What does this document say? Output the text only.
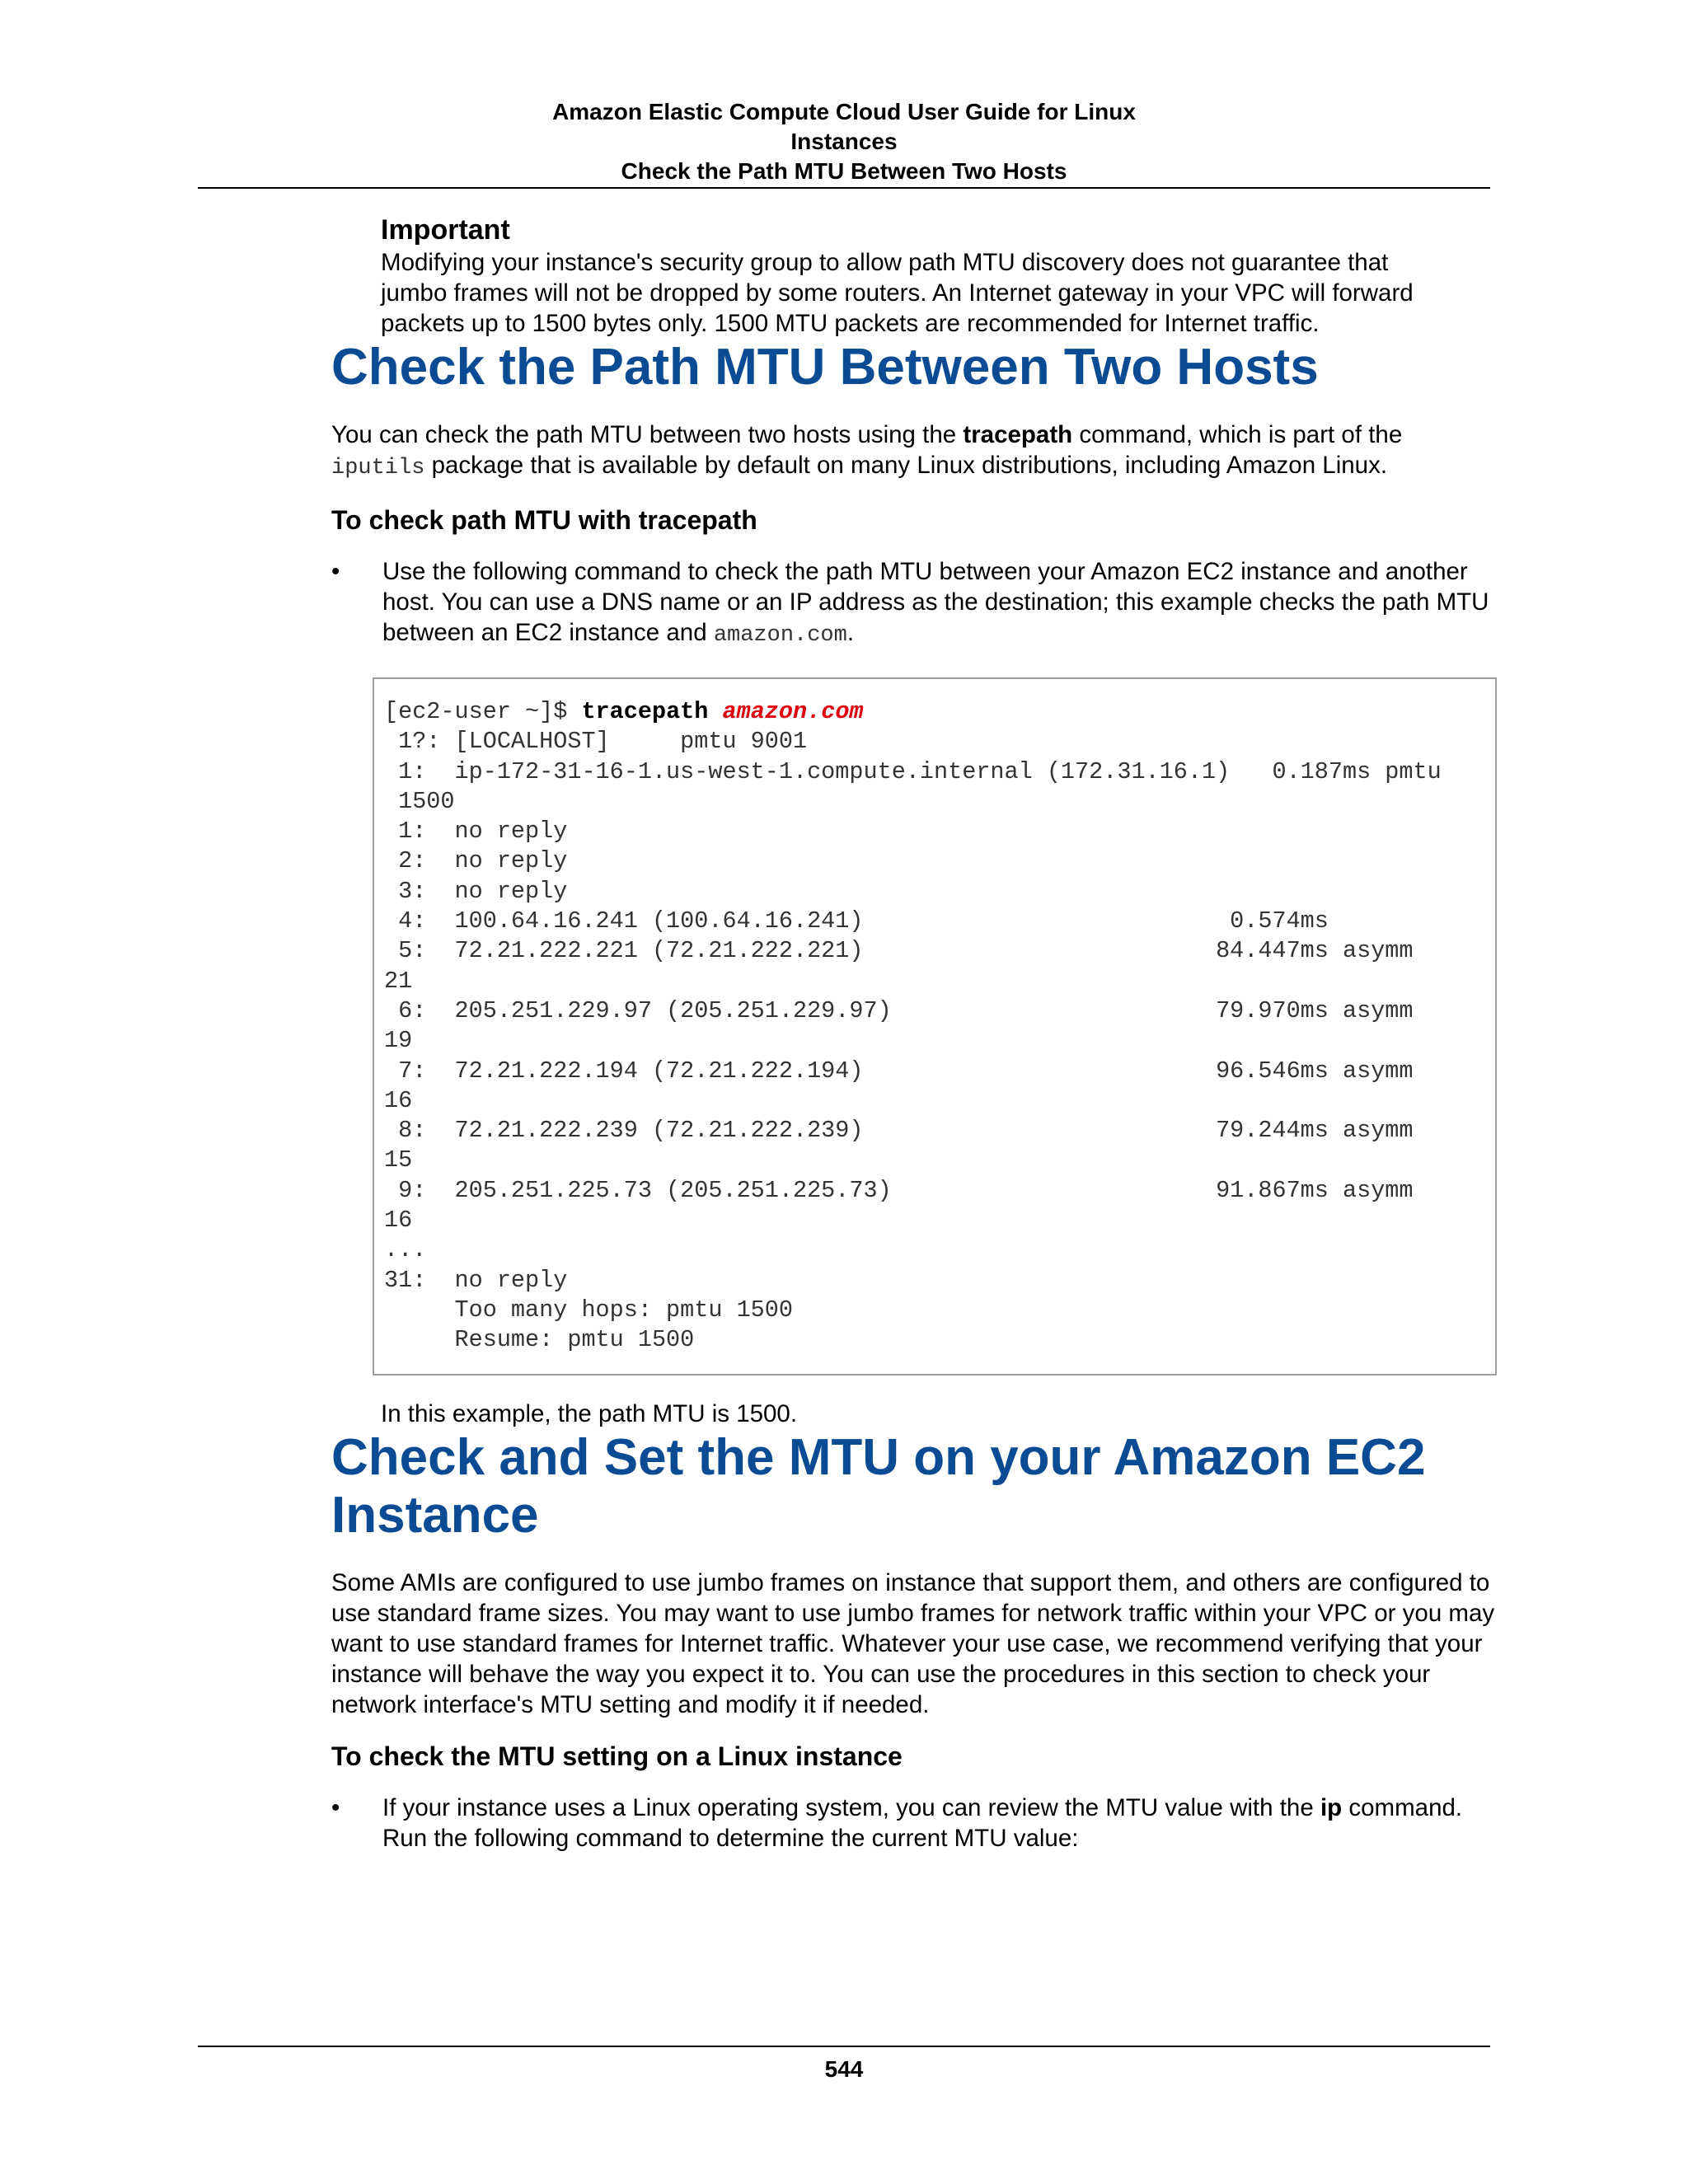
Amazon Elastic Compute Cloud User Guide for Linux
Instances
Check the Path MTU Between Two Hosts
Important

Modifying your instance's security group to allow path MTU discovery does not guarantee that jumbo frames will not be dropped by some routers. An Internet gateway in your VPC will forward packets up to 1500 bytes only. 1500 MTU packets are recommended for Internet traffic.

Check the Path MTU Between Two Hosts

You can check the path MTU between two hosts using the tracepath command, which is part of the iputils package that is available by default on many Linux distributions, including Amazon Linux.

To check path MTU with tracepath
•	Use the following command to check the path MTU between your Amazon EC2 instance and another host. You can use a DNS name or an IP address as the destination; this example checks the path MTU between an EC2 instance and amazon.com.

[ec2-user ~]$ tracepath amazon.com
1?: [LOCALHOST]     pmtu 9001
1:  ip-172-31-16-1.us-west-1.compute.internal (172.31.16.1)   0.187ms pmtu
1500
1:  no reply
2:  no reply
3:  no reply
4:  100.64.16.241 (100.64.16.241)                          0.574ms
5:  72.21.222.221 (72.21.222.221)                         84.447ms asymm
21
6:  205.251.229.97 (205.251.229.97)                       79.970ms asymm
19
7:  72.21.222.194 (72.21.222.194)                         96.546ms asymm
16
8:  72.21.222.239 (72.21.222.239)                         79.244ms asymm
15
9:  205.251.225.73 (205.251.225.73)                       91.867ms asymm
16
...
31:  no reply
Too many hops: pmtu 1500
Resume: pmtu 1500

In this example, the path MTU is 1500.

Check and Set the MTU on your Amazon EC2 Instance

Some AMIs are configured to use jumbo frames on instance that support them, and others are configured to use standard frame sizes. You may want to use jumbo frames for network traffic within your VPC or you may want to use standard frames for Internet traffic. Whatever your use case, we recommend verifying that your instance will behave the way you expect it to. You can use the procedures in this section to check your network interface's MTU setting and modify it if needed.

To check the MTU setting on a Linux instance
•	If your instance uses a Linux operating system, you can review the MTU value with the ip command. Run the following command to determine the current MTU value:

544
